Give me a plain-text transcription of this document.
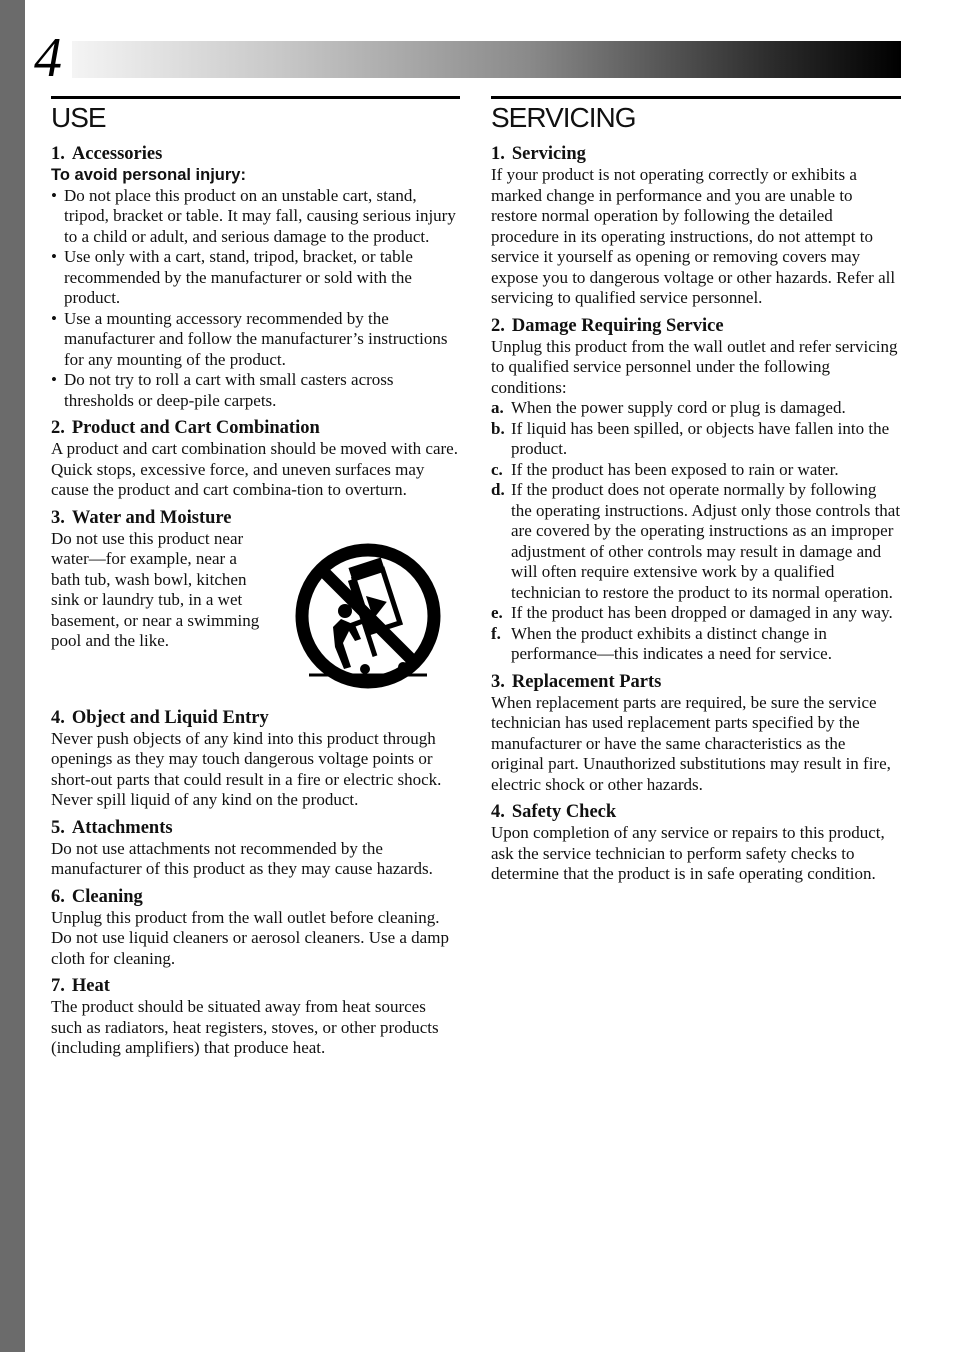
4
USE
1. Accessories
To avoid personal injury:
• Do not place this product on an unstable cart, stand, tripod, bracket or table. It may fall, causing serious injury to a child or adult, and serious damage to the product.
• Use only with a cart, stand, tripod, bracket, or table recommended by the manufacturer or sold with the product.
• Use a mounting accessory recommended by the manufacturer and follow the manufacturer’s instructions for any mounting of the product.
• Do not try to roll a cart with small casters across thresholds or deep-pile carpets.
2. Product and Cart Combination

A product and cart combination should be moved with care. Quick stops, excessive force, and uneven surfaces may cause the product and cart combina-tion to overturn.

3. Water and Moisture

Do not use this product near water—for example, near a bath tub, wash bowl, kitchen sink or laundry tub, in a wet basement, or near a swimming pool and the like.

4. Object and Liquid Entry

Never push objects of any kind into this product through openings as they may touch dangerous voltage points or short-out parts that could result in a fire or electric shock. Never spill liquid of any kind on the product.

5. Attachments

Do not use attachments not recommended by the manufacturer of this product as they may cause hazards.

6. Cleaning

Unplug this product from the wall outlet before cleaning. Do not use liquid cleaners or aerosol cleaners. Use a damp cloth for cleaning.

7. Heat

The product should be situated away from heat sources such as radiators, heat registers, stoves, or other products (including amplifiers) that produce heat.

SERVICING
1. Servicing

If your product is not operating correctly or exhibits a marked change in performance and you are unable to restore normal operation by following the detailed procedure in its operating instructions, do not attempt to service it yourself as opening or removing covers may expose you to dangerous voltage or other hazards. Refer all servicing to qualified service personnel.

2. Damage Requiring Service

Unplug this product from the wall outlet and refer servicing to qualified service personnel under the following conditions:

a. When the power supply cord or plug is damaged.
b. If liquid has been spilled, or objects have fallen into the product.
c. If the product has been exposed to rain or water.
d. If the product does not operate normally by following the operating instructions. Adjust only those controls that are covered by the operating instructions as an improper adjustment of other controls may result in damage and will often require extensive work by a qualified technician to restore the product to its normal operation.
e. If the product has been dropped or damaged in any way.
f. When the product exhibits a distinct change in performance—this indicates a need for service.
3. Replacement Parts

When replacement parts are required, be sure the service technician has used replacement parts specified by the manufacturer or have the same characteristics as the original part. Unauthorized substitutions may result in fire, electric shock or other hazards.

4. Safety Check

Upon completion of any service or repairs to this product, ask the service technician to perform safety checks to determine that the product is in safe operating condition.
